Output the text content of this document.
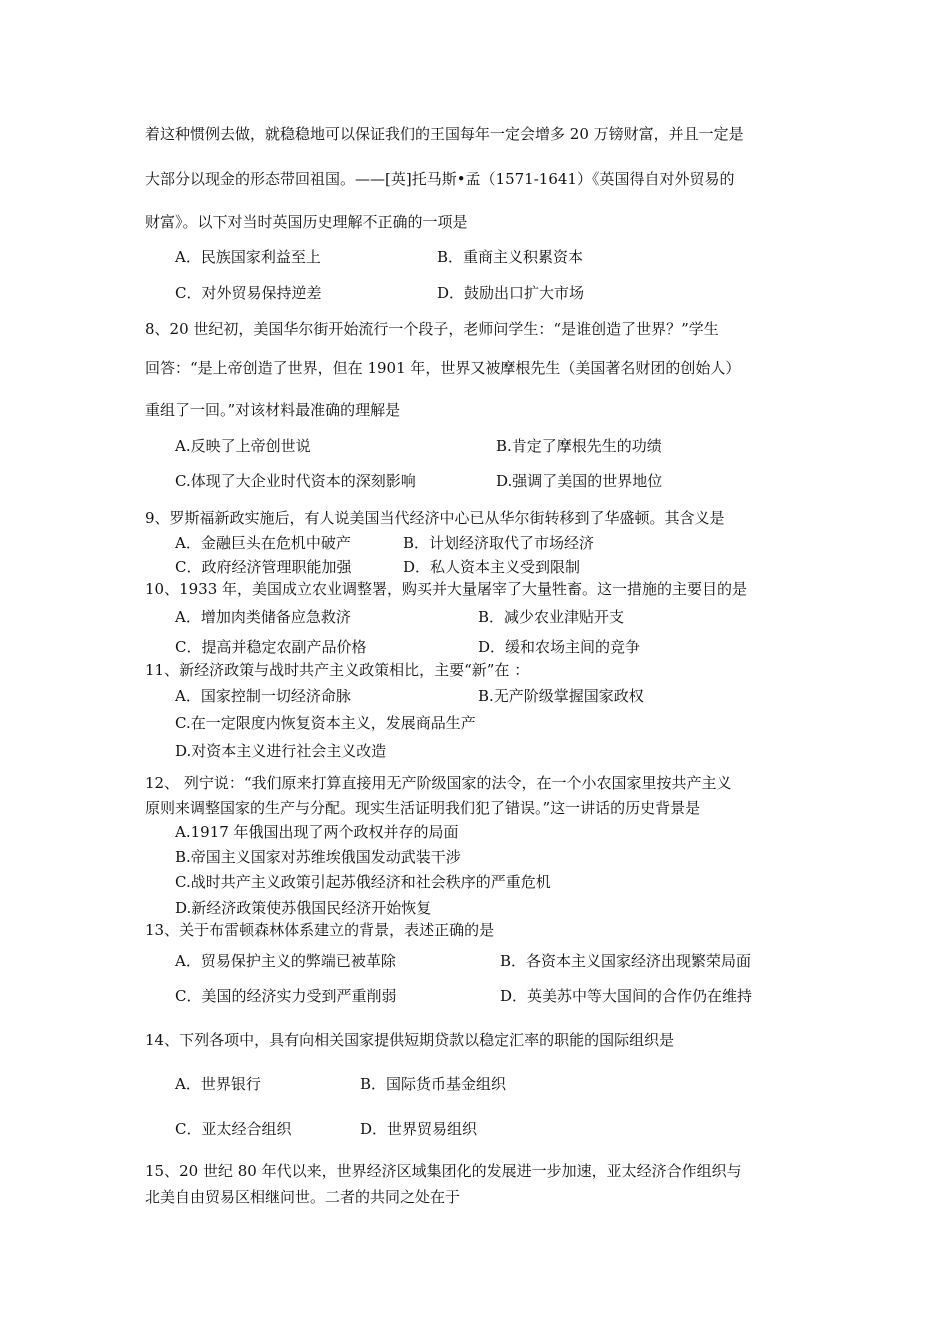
着这种惯例去做，就稳稳地可以保证我们的王国每年一定会增多 20 万镑财富，并且一定是
大部分以现金的形态带回祖国。——[英]托马斯•孟（1571-1641）《英国得自对外贸易的
财富》。以下对当时英国历史理解不正确的一项是
A．民族国家利益至上	B．重商主义积累资本
C．对外贸易保持逆差	D．鼓励出口扩大市场
8、20 世纪初，美国华尔街开始流行一个段子，老师问学生：“是谁创造了世界？”学生
回答：“是上帝创造了世界，但在 1901 年，世界又被摩根先生（美国著名财团的创始人）
重组了一回。”对该材料最准确的理解是
A.反映了上帝创世说	B.肯定了摩根先生的功绩
C.体现了大企业时代资本的深刻影响	D.强调了美国的世界地位
9、罗斯福新政实施后，有人说美国当代经济中心已从华尔街转移到了华盛顿。其含义是
A．金融巨头在危机中破产	B．计划经济取代了市场经济
C．政府经济管理职能加强	D．私人资本主义受到限制
10、1933 年，美国成立农业调整署，购买并大量屠宰了大量牲畜。这一措施的主要目的是
A．增加肉类储备应急救济	B．减少农业津贴开支
C．提高并稳定农副产品价格	D．缓和农场主间的竞争
11、新经济政策与战时共产主义政策相比，主要“新”在 ：
A．国家控制一切经济命脉	B.无产阶级掌握国家政权
C.在一定限度内恢复资本主义，发展商品生产
D.对资本主义进行社会主义改造
12、 列宁说：“我们原来打算直接用无产阶级国家的法令，在一个小农国家里按共产主义
原则来调整国家的生产与分配。现实生活证明我们犯了错误。”这一讲话的历史背景是
A.1917 年俄国出现了两个政权并存的局面
B.帝国主义国家对苏维埃俄国发动武装干涉
C.战时共产主义政策引起苏俄经济和社会秩序的严重危机
D.新经济政策使苏俄国民经济开始恢复
13、关于布雷顿森林体系建立的背景，表述正确的是
A．贸易保护主义的弊端已被革除	B．各资本主义国家经济出现繁荣局面
C．美国的经济实力受到严重削弱	D．英美苏中等大国间的合作仍在维持
14、下列各项中，具有向相关国家提供短期贷款以稳定汇率的职能的国际组织是
A．世界银行	B．国际货币基金组织
C．亚太经合组织	D．世界贸易组织
15、20 世纪 80 年代以来，世界经济区域集团化的发展进一步加速，亚太经济合作组织与
北美自由贸易区相继问世。二者的共同之处在于
